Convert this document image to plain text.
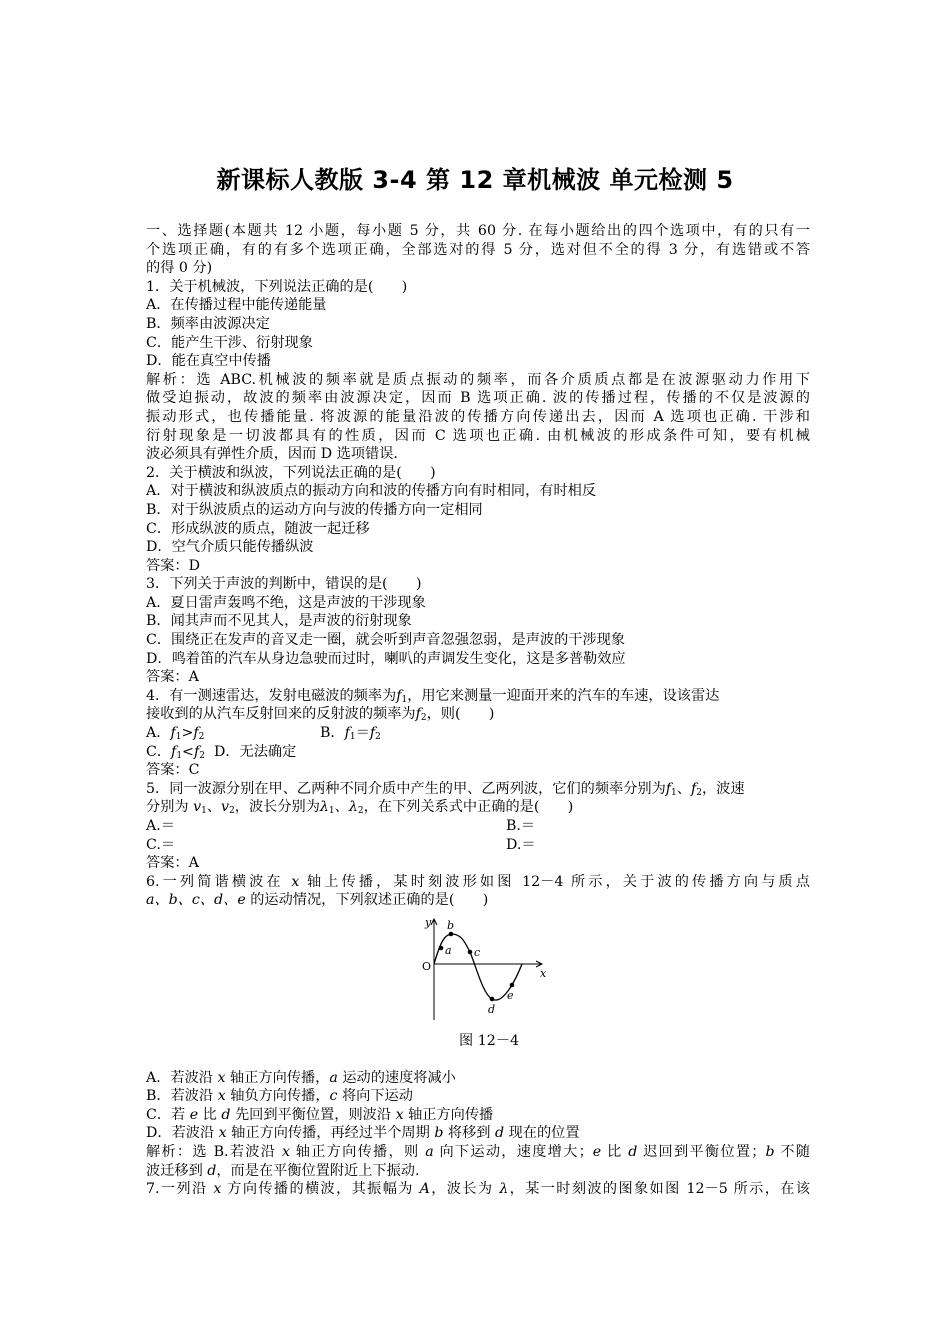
新课标人教版 3-4 第 12 章机械波 单元检测 5
一、选择题(本题共 12 小题，每小题 5 分，共 60 分. 在每小题给出的四个选项中，有的只有一
个选项正确，有的有多个选项正确，全部选对的得 5 分，选对但不全的得 3 分，有选错或不答
的得 0 分)
1．关于机械波，下列说法正确的是(　　)
A．在传播过程中能传递能量
B．频率由波源决定
C．能产生干涉、衍射现象
D．能在真空中传播
解析：选 ABC.机械波的频率就是质点振动的频率，而各介质质点都是在波源驱动力作用下
做受迫振动，故波的频率由波源决定，因而 B 选项正确. 波的传播过程，传播的不仅是波源的
振动形式，也传播能量. 将波源的能量沿波的传播方向传递出去，因而 A 选项也正确. 干涉和
衍射现象是一切波都具有的性质，因而 C 选项也正确. 由机械波的形成条件可知，要有机械
波必须具有弹性介质，因而 D 选项错误.
2．关于横波和纵波，下列说法正确的是(　　)
A．对于横波和纵波质点的振动方向和波的传播方向有时相同，有时相反
B．对于纵波质点的运动方向与波的传播方向一定相同
C．形成纵波的质点，随波一起迁移
D．空气介质只能传播纵波
答案：D
3．下列关于声波的判断中，错误的是(　　)
A．夏日雷声轰鸣不绝，这是声波的干涉现象
B．闻其声而不见其人，是声波的衍射现象
C．围绕正在发声的音叉走一圈，就会听到声音忽强忽弱，是声波的干涉现象
D．鸣着笛的汽车从身边急驶而过时，喇叭的声调发生变化，这是多普勒效应
答案：A
4．有一测速雷达，发射电磁波的频率为$f_1$，用它来测量一迎面开来的汽车的车速，设该雷达
接收到的从汽车反射回来的反射波的频率为$f_2$，则(　　)
A．$f_1>f_2$	B．$f_1=f_2$
C．$f_1<f_2$ D．无法确定
答案：C
5．同一波源分别在甲、乙两种不同介质中产生的甲、乙两列波，它们的频率分别为$f_1$、$f_2$，波速
分别为 $v_1$、$v_2$，波长分别为$\lambda_1$、$\lambda_2$，在下列关系式中正确的是(　　)
A.＝	B.＝
C.＝	D.＝
答案：A
6.一列简谐横波在 x 轴上传播，某时刻波形如图 12－4 所示，关于波的传播方向与质点
a、b、c、d、e 的运动情况，下列叙述正确的是(　　)
y
x
O
a
b
c
d
e
图 12－4
A．若波沿 x 轴正方向传播，a 运动的速度将减小
B．若波沿 x 轴负方向传播，c 将向下运动
C．若 e 比 d 先回到平衡位置，则波沿 x 轴正方向传播
D．若波沿 x 轴正方向传播，再经过半个周期 b 将移到 d 现在的位置
解析：选 B.若波沿 x 轴正方向传播，则 a 向下运动，速度增大；e 比 d 迟回到平衡位置；b 不随
波迁移到 d，而是在平衡位置附近上下振动.
7.一列沿 x 方向传播的横波，其振幅为 A，波长为 λ，某一时刻波的图象如图 12－5 所示，在该
